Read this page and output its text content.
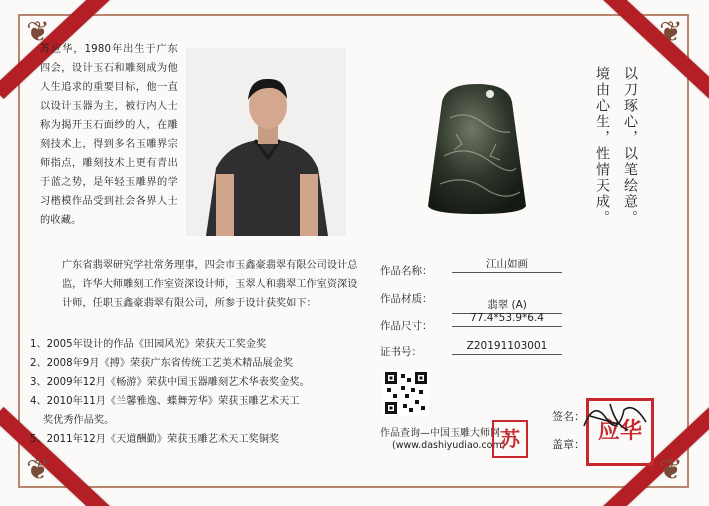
❦	❦
❦	❦
苏应华，1980年出生于广东四会，设计玉石和雕刻成为他人生追求的重要目标，他一直以设计玉器为主，被行内人士称为揭开玉石面纱的人，在雕刻技术上，得到多名玉雕界宗师指点，雕刻技术上更有青出于蓝之势，是年轻玉雕界的学习楷模作品受到社会各界人士的收藏。	以刀琢心，以笔绘意。
境由心生，性情天成。
广东省翡翠研究学社常务理事，四会市玉鑫豪翡翠有限公司设计总监，许华大师雕刻工作室资深设计师，玉翠人和翡翠工作室资深设计师，任职玉鑫豪翡翠有限公司，所参于设计获奖如下：
1、2005年设计的作品《田园风光》荣获天工奖金奖
2、2008年9月《搏》荣获广东省传统工艺美术精品展金奖
3、2009年12月《畅游》荣获中国玉器雕刻艺术华表奖金奖。
4、2010年11月《兰馨雅逸、蝶舞芳华》荣获玉雕艺术天工
奖优秀作品奖。
5、2011年12月《天道酬勤》荣获玉雕艺术天工奖铜奖
作品名称：
江山如画
作品材质：	翡翠 (A)
作品尺寸：
77.4*53.9*6.4
证书号：	Z20191103001
作品查询—中国玉雕大师网
(www.dashiyudiao.com)
苏
签名：
盖章：
应华
